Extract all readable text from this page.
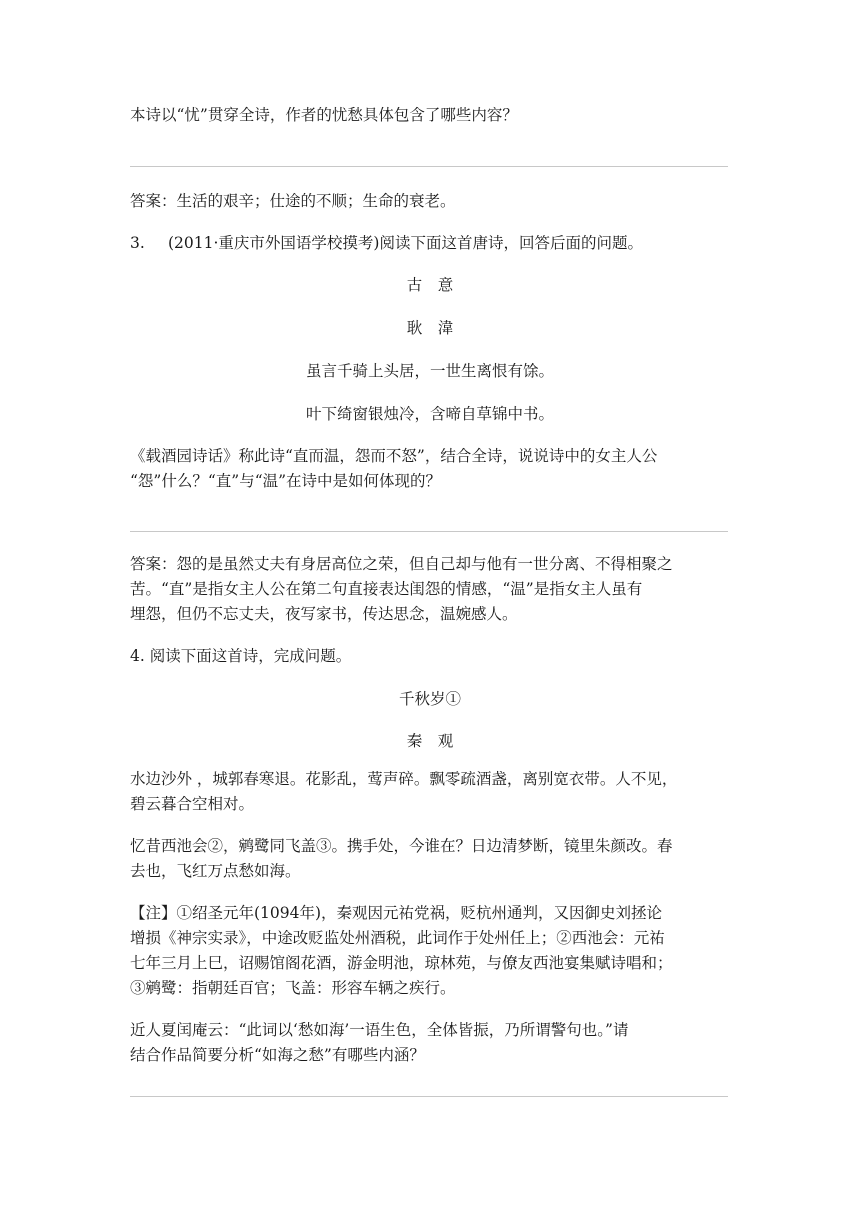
本诗以“忧”贯穿全诗，作者的忧愁具体包含了哪些内容？
答案：生活的艰辛；仕途的不顺；生命的衰老。
3. (2011·重庆市外国语学校摸考)阅读下面这首唐诗，回答后面的问题。
古　意
耿　湋
虽言千骑上头居，一世生离恨有馀。
叶下绮窗银烛冷，含啼自草锦中书。
《载酒园诗话》称此诗“直而温，怨而不怒”，结合全诗，说说诗中的女主人公
“怨”什么？“直”与“温”在诗中是如何体现的？
答案：怨的是虽然丈夫有身居高位之荣，但自己却与他有一世分离、不得相聚之
苦。“直”是指女主人公在第二句直接表达闺怨的情感，“温”是指女主人虽有
埋怨，但仍不忘丈夫，夜写家书，传达思念，温婉感人。
4. 阅读下面这首诗，完成问题。
千秋岁①
秦　观
水边沙外 ，城郭春寒退。花影乱，莺声碎。飘零疏酒盏，离别宽衣带。人不见，
碧云暮合空相对。
忆昔西池会②，鹓鹭同飞盖③。携手处，今谁在？日边清梦断，镜里朱颜改。春
去也，飞红万点愁如海。
【注】①绍圣元年(1094年)，秦观因元祐党祸，贬杭州通判，又因御史刘拯论
增损《神宗实录》，中途改贬监处州酒税，此词作于处州任上；②西池会：元祐
七年三月上巳，诏赐馆阁花酒，游金明池，琼林苑，与僚友西池宴集赋诗唱和；
③鹓鹭：指朝廷百官；飞盖：形容车辆之疾行。
近人夏闰庵云：“此词以‘愁如海’一语生色，全体皆振，乃所谓警句也。”请
结合作品简要分析“如海之愁”有哪些内涵？
